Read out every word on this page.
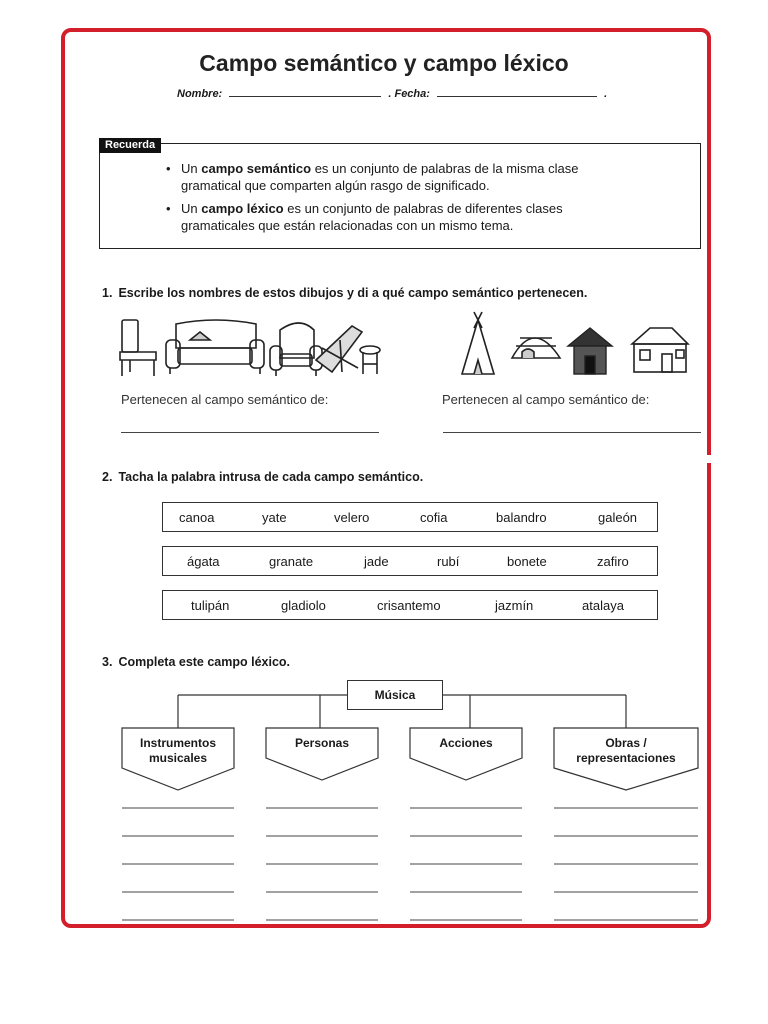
Campo semántico y campo léxico
Nombre:	. Fecha:	.
Recuerda
• Un campo semántico es un conjunto de palabras de la misma clase
gramatical que comparten algún rasgo de significado.
• Un campo léxico es un conjunto de palabras de diferentes clases
gramaticales que están relacionadas con un mismo tema.
1. Escribe los nombres de estos dibujos y di a qué campo semántico pertenecen.
Pertenecen al campo semántico de:	Pertenecen al campo semántico de:
2. Tacha la palabra intrusa de cada campo semántico.
canoa	yate	velero	cofia	balandro	galeón
ágata	granate	jade	rubí	bonete	zafiro
tulipán	gladiolo	crisantemo	jazmín	atalaya
3. Completa este campo léxico.
Música
Instrumentos
musicales
Personas	Acciones	Obras /
representaciones
